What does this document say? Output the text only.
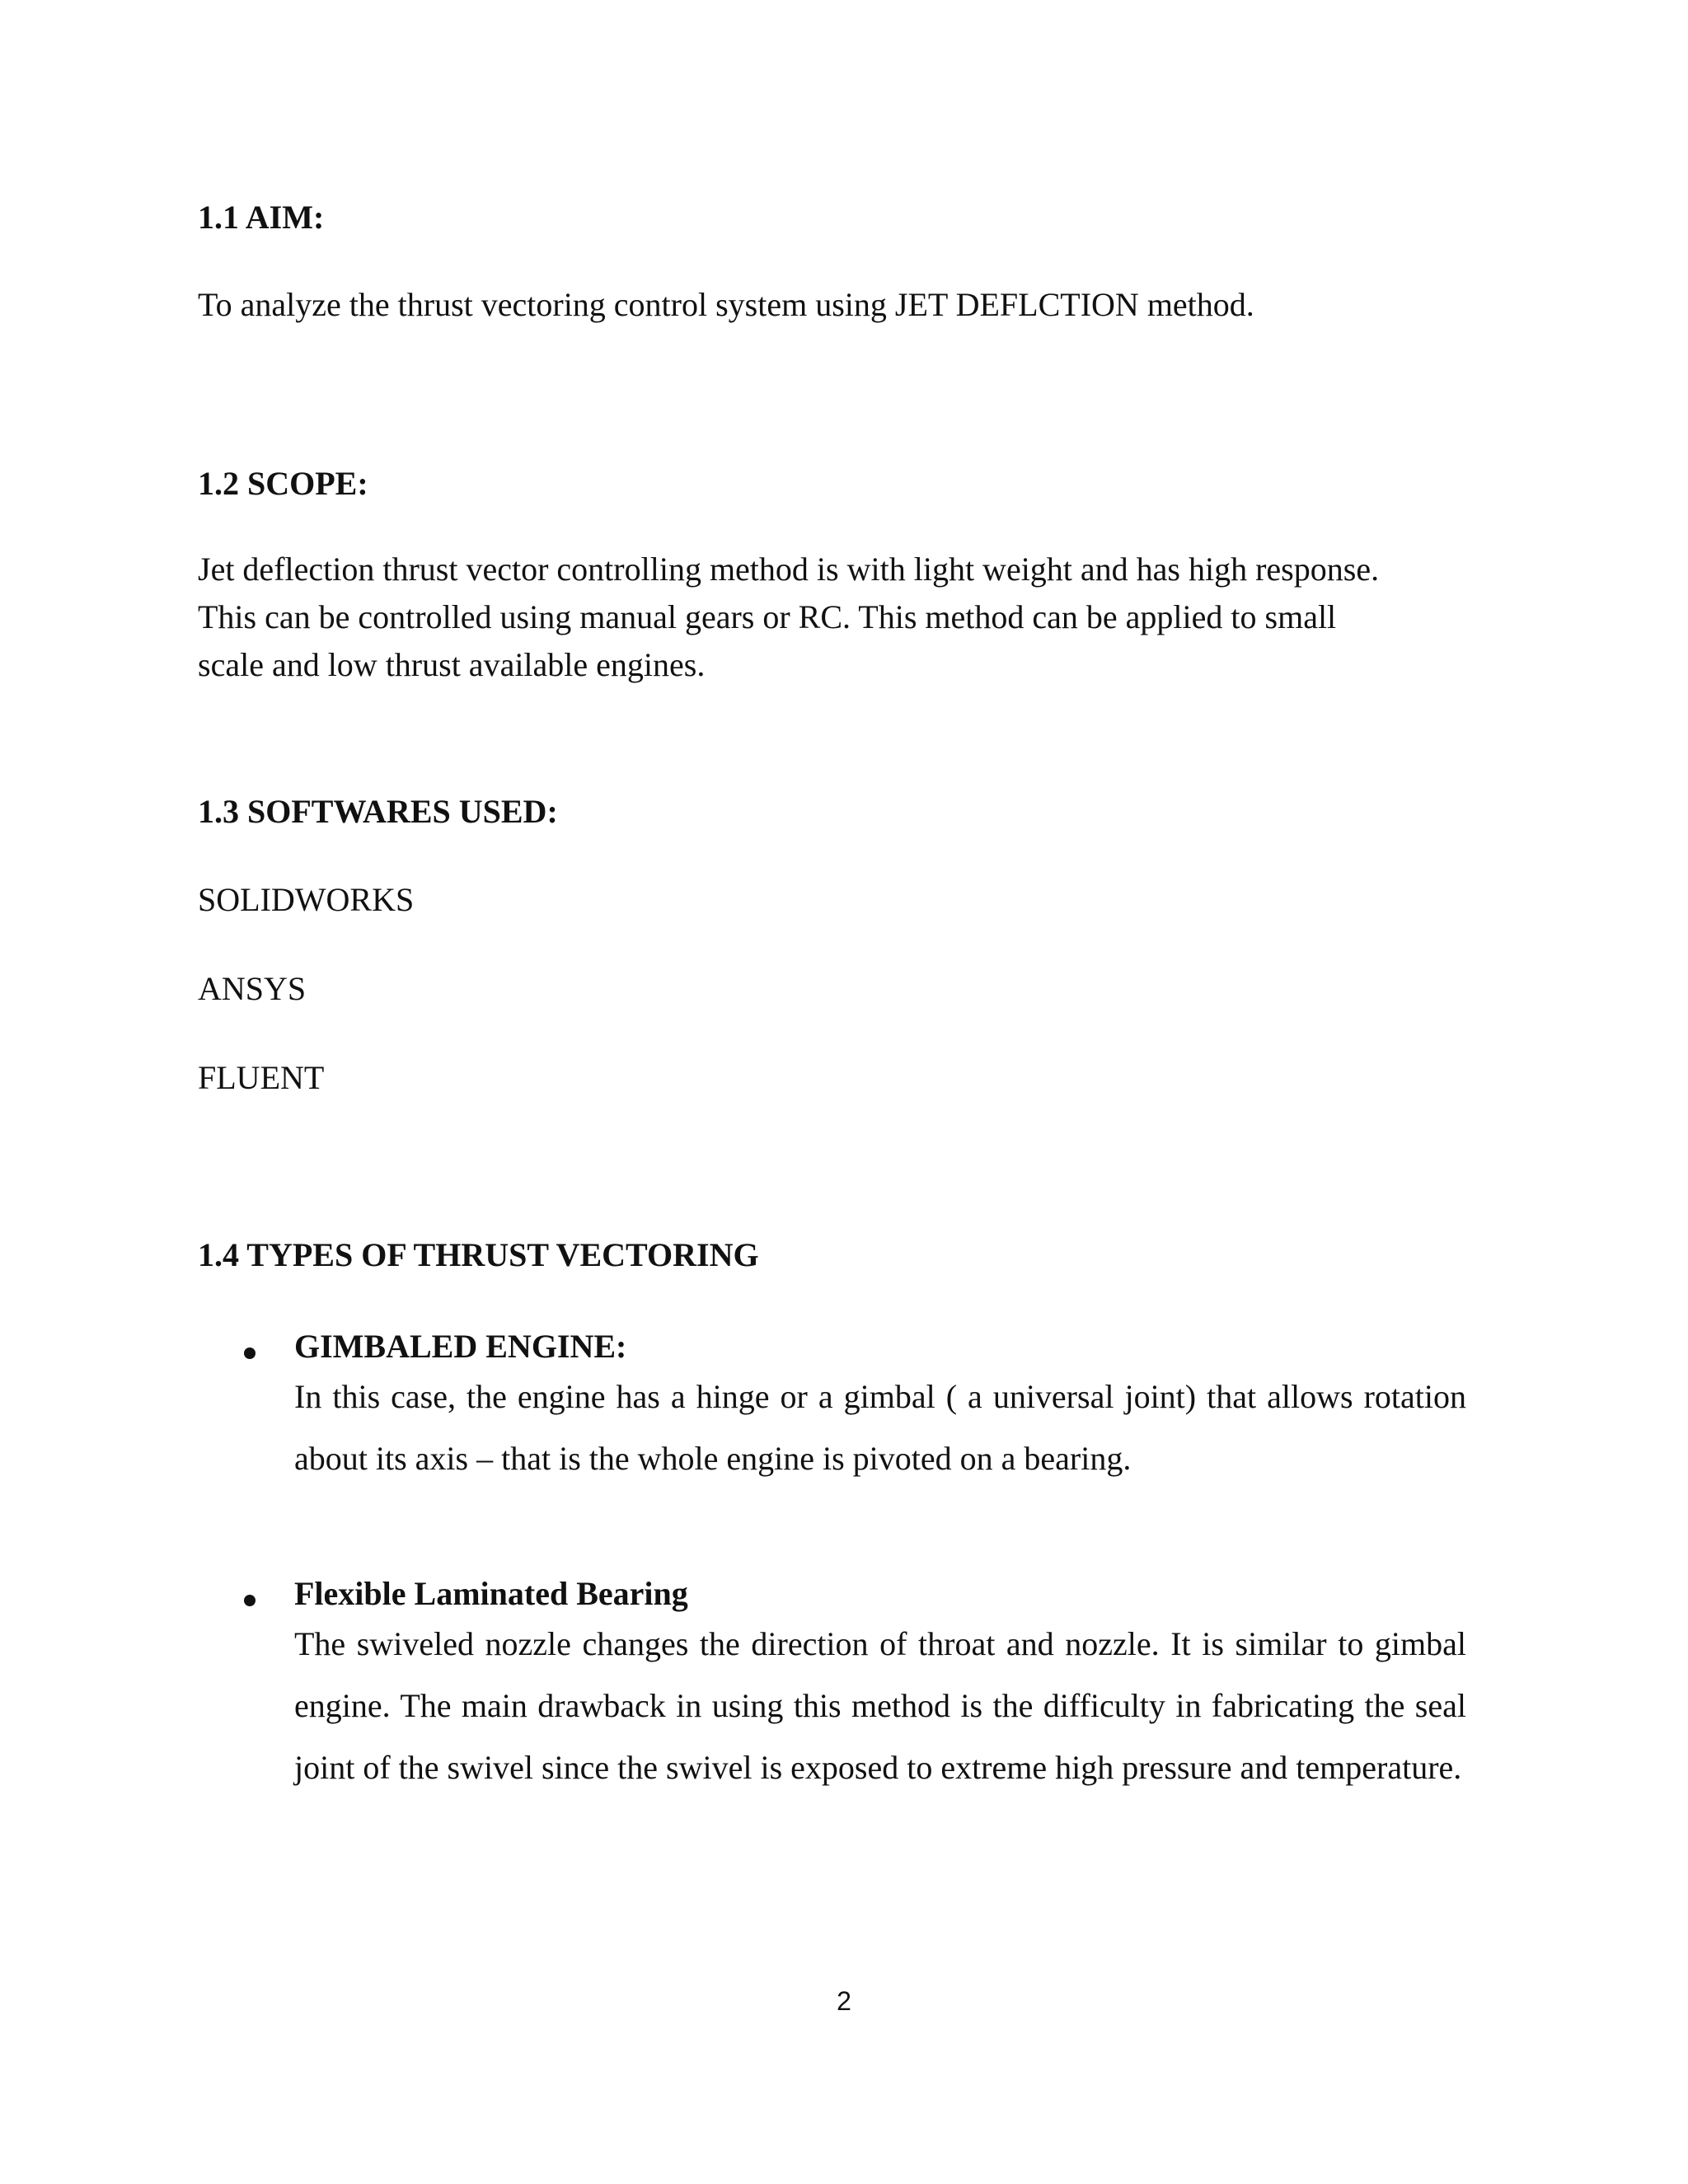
1.1 AIM:
To analyze the thrust vectoring control system using JET DEFLCTION method.
1.2 SCOPE:
Jet deflection thrust vector controlling method is with light weight and has high response.
This can be controlled using manual gears or RC. This method can be applied to small
scale and low thrust available engines.
1.3 SOFTWARES USED:
SOLIDWORKS
ANSYS
FLUENT
1.4 TYPES OF THRUST VECTORING
GIMBALED ENGINE:
In this case, the engine has a hinge or a gimbal ( a universal joint) that allows rotation about its axis – that is the whole engine is pivoted on a bearing.
Flexible Laminated Bearing
The swiveled nozzle changes the direction of throat and nozzle. It is similar to gimbal engine. The main drawback in using this method is the difficulty in fabricating the seal joint of the swivel since the swivel is exposed to extreme high pressure and temperature.
2
